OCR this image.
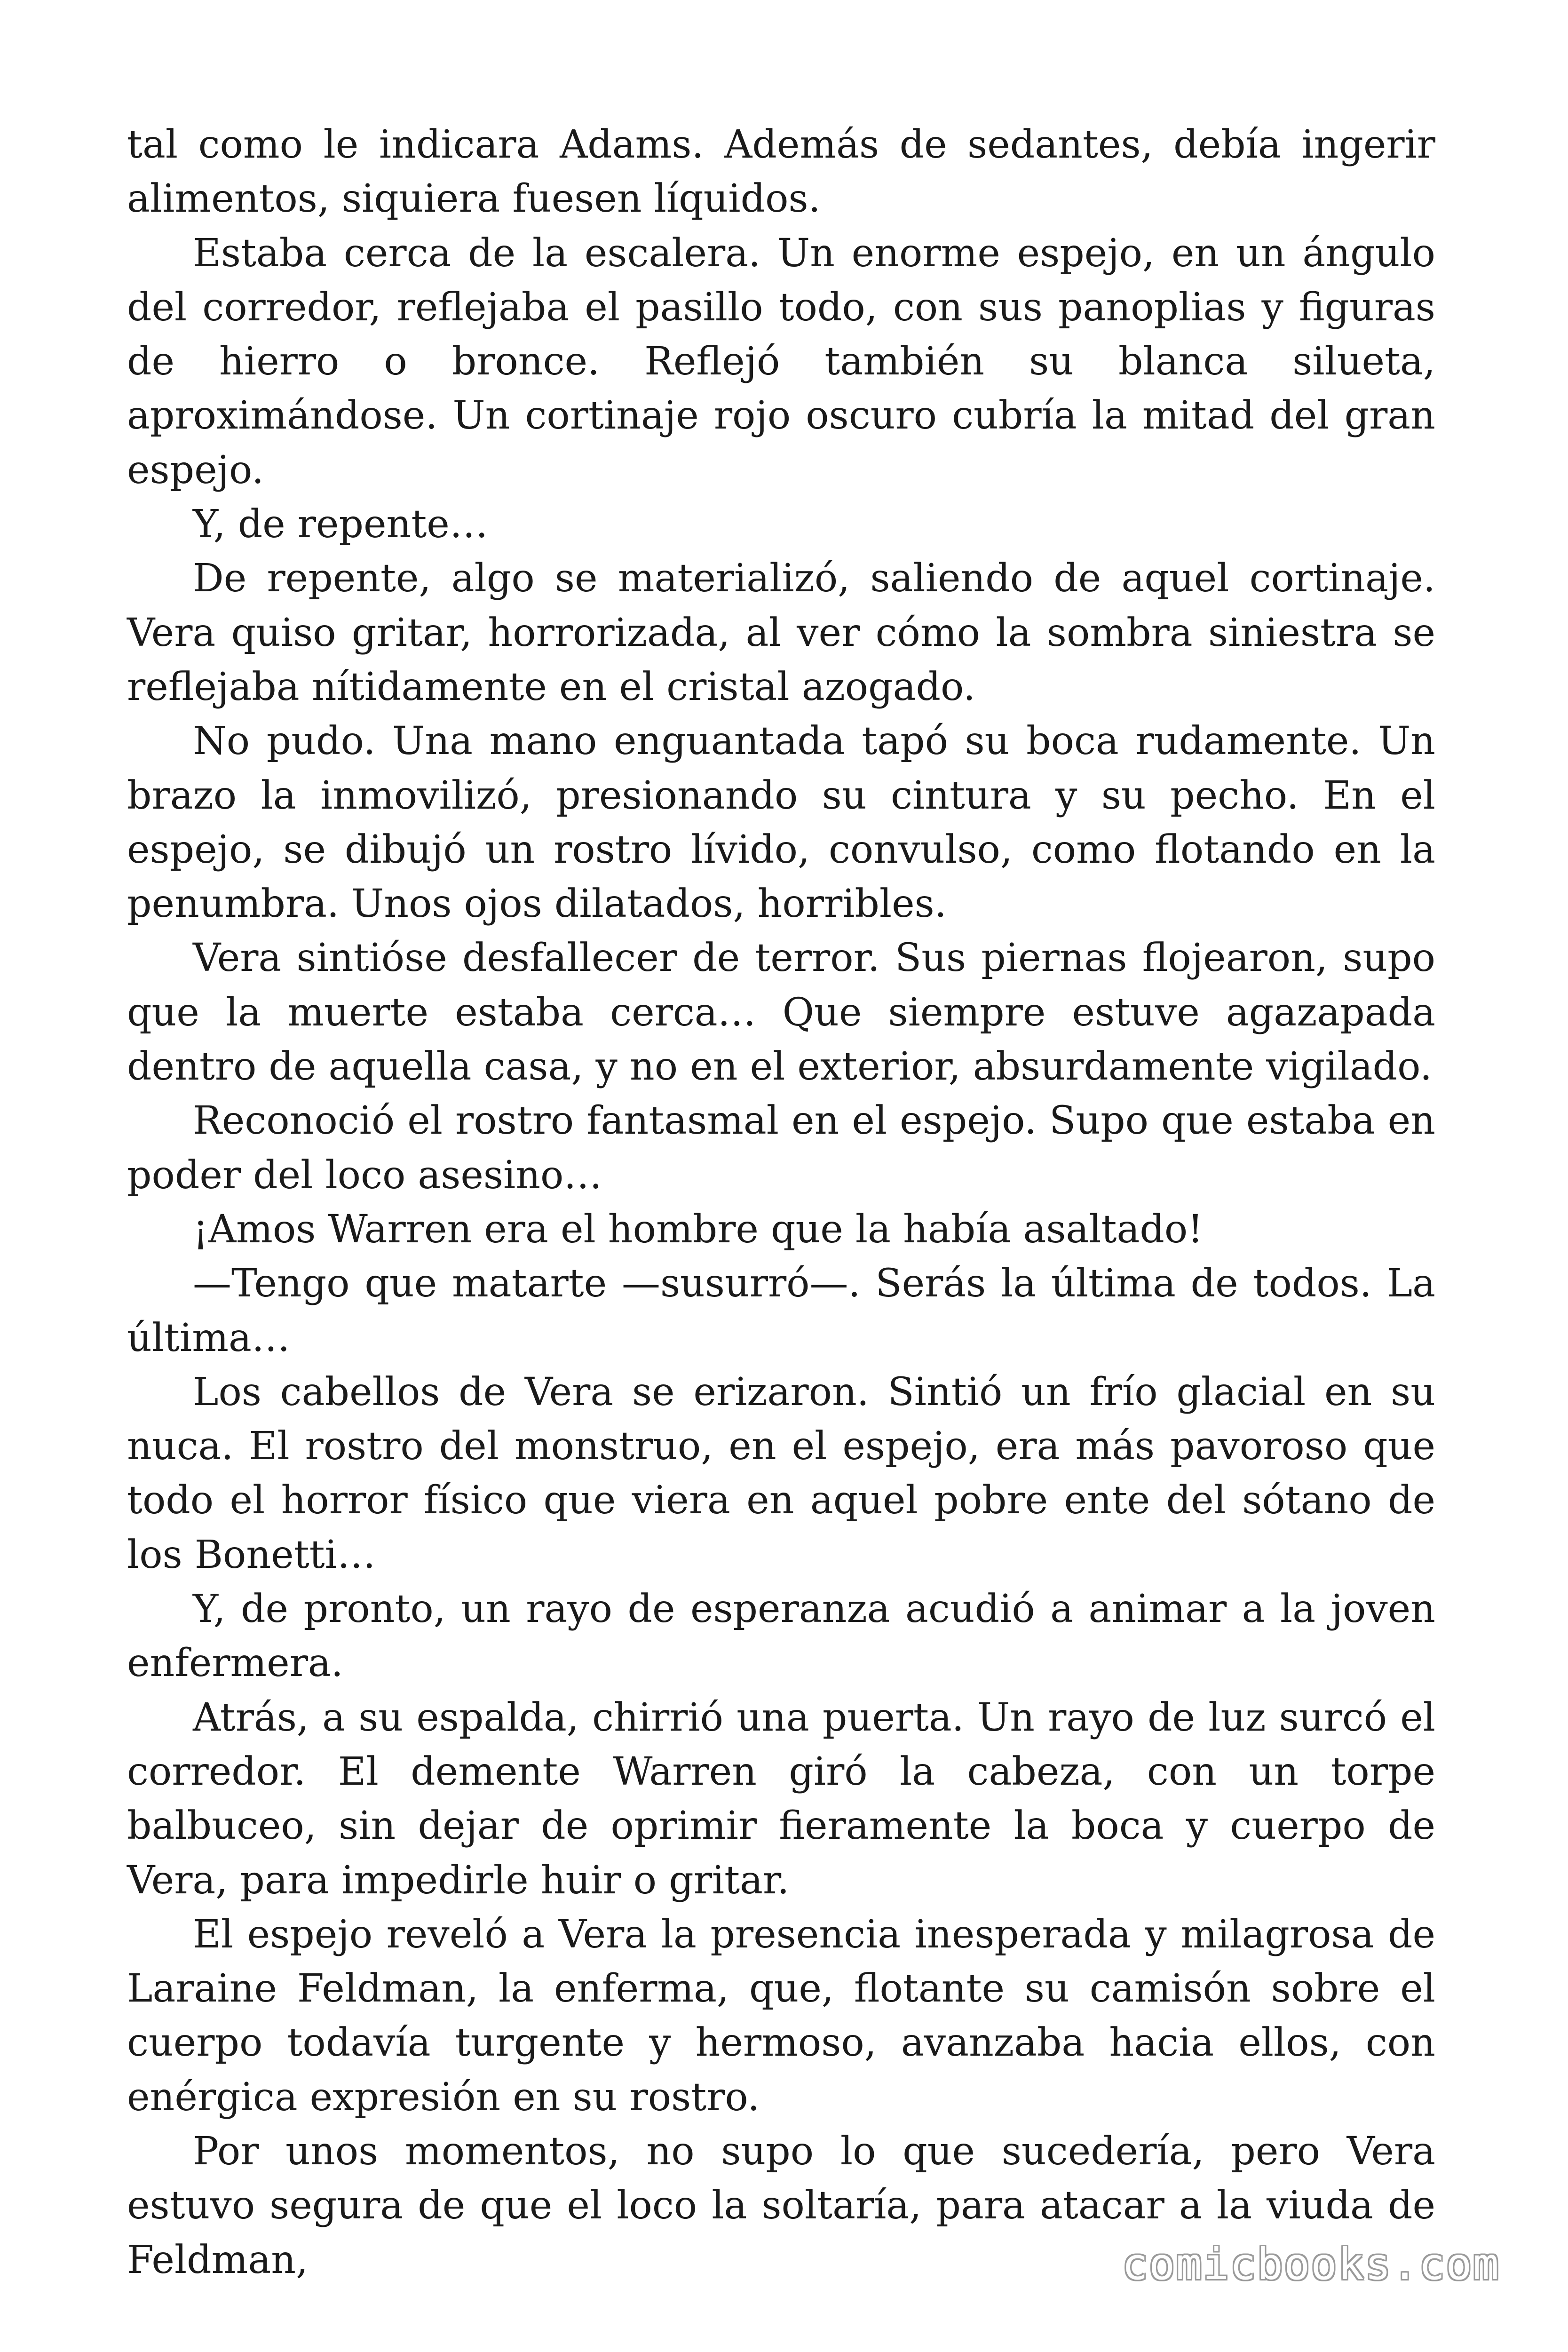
tal como le indicara Adams. Además de sedantes, debía ingerir alimentos, siquiera fuesen líquidos.

Estaba cerca de la escalera. Un enorme espejo, en un ángulo del corredor, reflejaba el pasillo todo, con sus panoplias y figuras de hierro o bronce. Reflejó también su blanca silueta, aproximándose. Un cortinaje rojo oscuro cubría la mitad del gran espejo.

Y, de repente…

De repente, algo se materializó, saliendo de aquel cortinaje. Vera quiso gritar, horrorizada, al ver cómo la sombra siniestra se reflejaba nítidamente en el cristal azogado.

No pudo. Una mano enguantada tapó su boca rudamente. Un brazo la inmovilizó, presionando su cintura y su pecho. En el espejo, se dibujó un rostro lívido, convulso, como flotando en la penumbra. Unos ojos dilatados, horribles.

Vera sintióse desfallecer de terror. Sus piernas flojearon, supo que la muerte estaba cerca… Que siempre estuve agazapada dentro de aquella casa, y no en el exterior, absurdamente vigilado.

Reconoció el rostro fantasmal en el espejo. Supo que estaba en poder del loco asesino…

¡Amos Warren era el hombre que la había asaltado!

—Tengo que matarte —susurró—. Serás la última de todos. La última…

Los cabellos de Vera se erizaron. Sintió un frío glacial en su nuca. El rostro del monstruo, en el espejo, era más pavoroso que todo el horror físico que viera en aquel pobre ente del sótano de los Bonetti…

Y, de pronto, un rayo de esperanza acudió a animar a la joven enfermera.

Atrás, a su espalda, chirrió una puerta. Un rayo de luz surcó el corredor. El demente Warren giró la cabeza, con un torpe balbuceo, sin dejar de oprimir fieramente la boca y cuerpo de Vera, para impedirle huir o gritar.

El espejo reveló a Vera la presencia inesperada y milagrosa de Laraine Feldman, la enferma, que, flotante su camisón sobre el cuerpo todavía turgente y hermoso, avanzaba hacia ellos, con enérgica expresión en su rostro.

Por unos momentos, no supo lo que sucedería, pero Vera estuvo segura de que el loco la soltaría, para atacar a la viuda de Feldman,	comicbooks.com
